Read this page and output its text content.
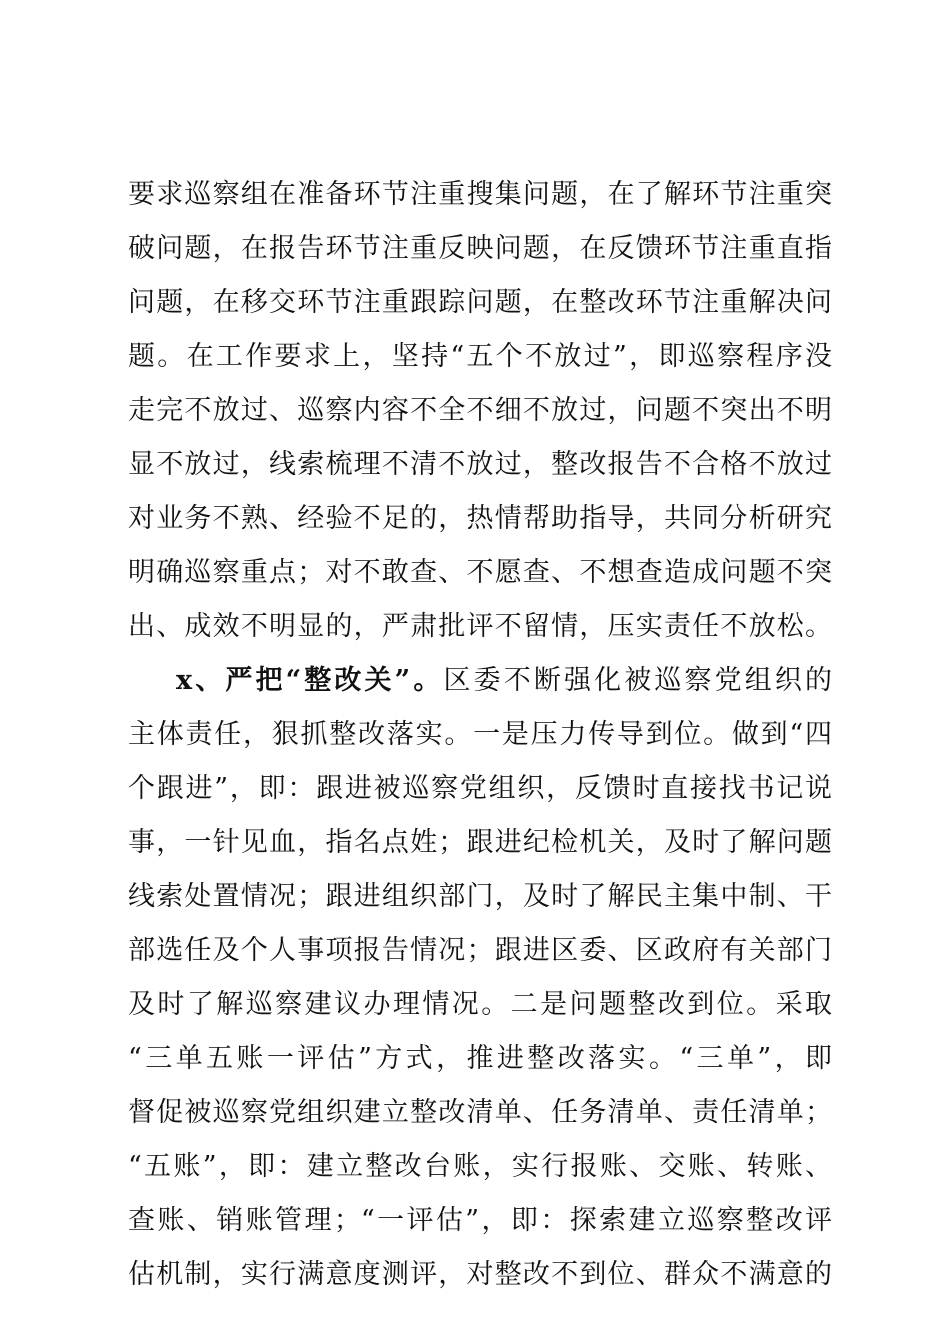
要求巡察组在准备环节注重搜集问题，在了解环节注重突
破问题，在报告环节注重反映问题，在反馈环节注重直指
问题，在移交环节注重跟踪问题，在整改环节注重解决问
题。在工作要求上，坚持“五个不放过”，即巡察程序没
走完不放过、巡察内容不全不细不放过，问题不突出不明
显不放过，线索梳理不清不放过，整改报告不合格不放过
对业务不熟、经验不足的，热情帮助指导，共同分析研究
明确巡察重点；对不敢查、不愿查、不想查造成问题不突
出、成效不明显的，严肃批评不留情，压实责任不放松。
x、严把“整改关”。区委不断强化被巡察党组织的
主体责任，狠抓整改落实。一是压力传导到位。做到“四
个跟进”，即：跟进被巡察党组织，反馈时直接找书记说
事，一针见血，指名点姓；跟进纪检机关，及时了解问题
线索处置情况；跟进组织部门，及时了解民主集中制、干
部选任及个人事项报告情况；跟进区委、区政府有关部门
及时了解巡察建议办理情况。二是问题整改到位。采取
“三单五账一评估”方式，推进整改落实。“三单”，即
督促被巡察党组织建立整改清单、任务清单、责任清单；
“五账”，即：建立整改台账，实行报账、交账、转账、
查账、销账管理；“一评估”，即：探索建立巡察整改评
估机制，实行满意度测评，对整改不到位、群众不满意的
